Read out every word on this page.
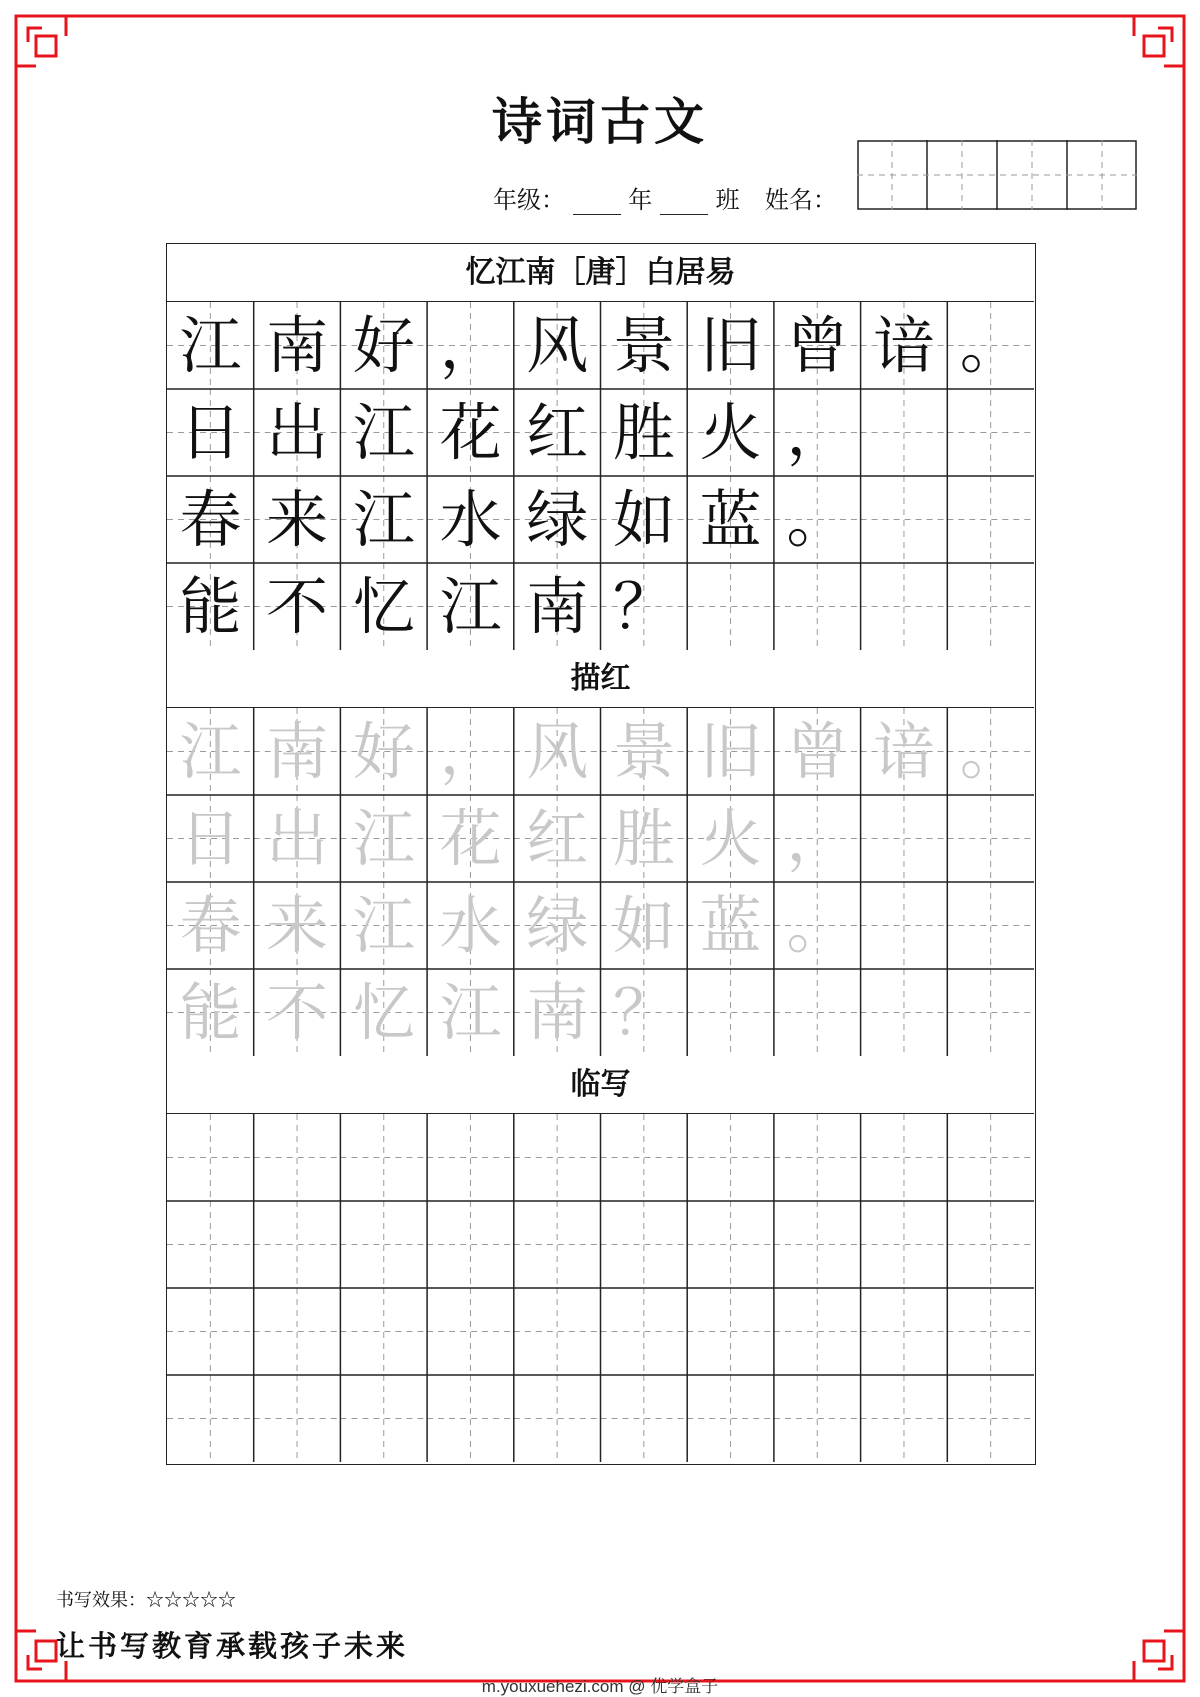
诗词古文
年级：	年	班 姓名：
忆江南［唐］白居易
江 南 好 ， 风 景 旧 曾 谙 。
日 出 江 花 红 胜 火 ，
春 来 江 水 绿 如 蓝 。
能 不 忆 江 南 ？
描红
江 南 好 ， 风 景 旧 曾 谙 。
日 出 江 花 红 胜 火 ，
春 来 江 水 绿 如 蓝 。
能 不 忆 江 南 ？
临写
书写效果：☆☆☆☆☆
让书写教育承载孩子未来
m.youxuehezi.com @ 优学盒子
